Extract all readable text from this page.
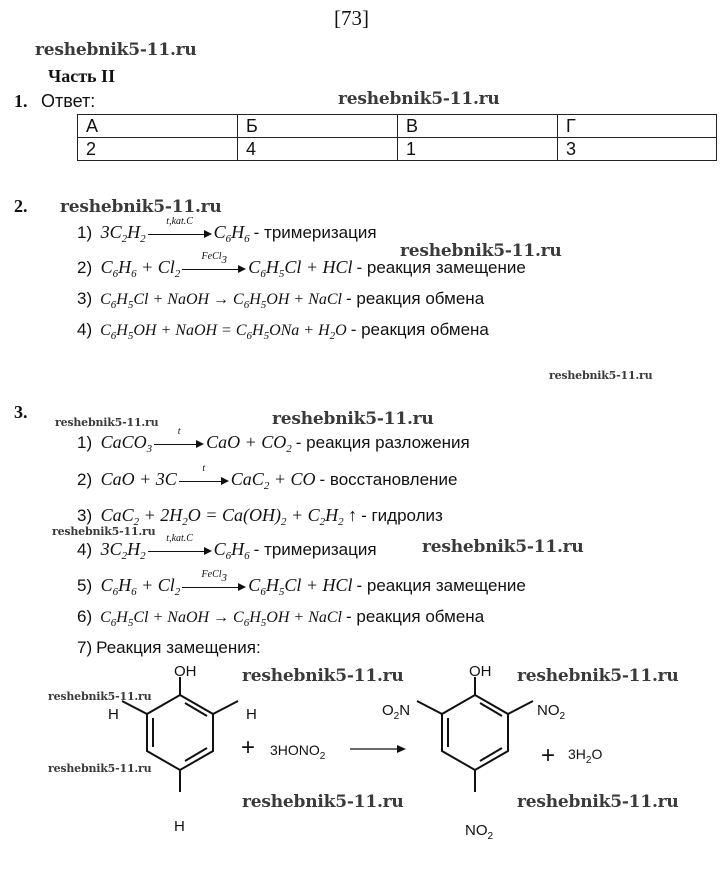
[73]
reshebnik5-11.ru
reshebnik5-11.ru
reshebnik5-11.ru
reshebnik5-11.ru
reshebnik5-11.ru
reshebnik5-11.ru	reshebnik5-11.ru
reshebnik5-11.ru
reshebnik5-11.ru
reshebnik5-11.ru	reshebnik5-11.ru
reshebnik5-11.ru
reshebnik5-11.ru
reshebnik5-11.ru	reshebnik5-11.ru
Часть II
1. Ответ:
А	Б	В	Г
2	4	1	3
2.
1)  $3C_2H_2$
t,kat.C
$C_6H_6$ - тримеризация
2)  $C_6H_6 + Cl_2$
FeCl$_3$	$C_6H_5Cl$ + HCl - реакция замещение
3)  $C_6H_5Cl$ + NaOH → $C_6H_5OH$ + NaCl - реакция обмена
4)  $C_6H_5OH$ + NaOH = $C_6H_5ONa + H_2O$ - реакция обмена
3.
1)  CaCO$_3$
t
CaO + $CO_2$ - реакция разложения
2)  CaO + 3C
t
CaC$_2$ + CO - восстановление
3)  $CaC_2 + 2H_2O = Ca(OH)_2 + C_2H_2$ ↑ - гидролиз
4)  $3C_2H_2$
t,kat.C
$C_6H_6$ - тримеризация
5)  $C_6H_6 + Cl_2$
FeCl$_3$	$C_6H_5Cl$ + HCl - реакция замещение
6)  $C_6H_5Cl$ + NaOH → $C_6H_5OH$ + NaCl - реакция обмена
7) Реакция замещения:
OH
H
H
H
+ $3HONO_2$
OH
$NO_2$
$O_2N$
$NO_2$
+ $3H_2O$
